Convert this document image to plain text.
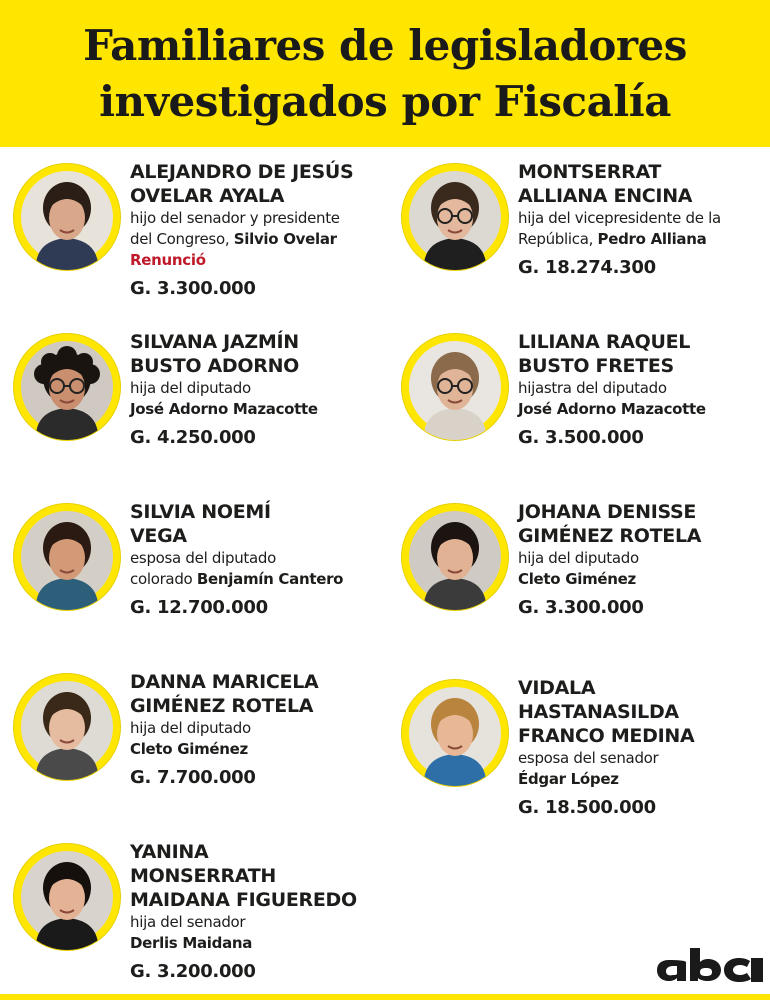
Familiares de legisladores
investigados por Fiscalía
ALEJANDRO DE JESÚS
OVELAR AYALA
hijo del senador y presidente
del Congreso, Silvio Ovelar
Renunció
G. 3.300.000
MONTSERRAT
ALLIANA ENCINA
hija del vicepresidente de la
República, Pedro Alliana
G. 18.274.300
SILVANA JAZMÍN
BUSTO ADORNO
hija del diputado
José Adorno Mazacotte
G. 4.250.000
LILIANA RAQUEL
BUSTO FRETES
hijastra del diputado
José Adorno Mazacotte
G. 3.500.000
SILVIA NOEMÍ
VEGA
esposa del diputado
colorado Benjamín Cantero
G. 12.700.000
JOHANA DENISSE
GIMÉNEZ ROTELA
hija del diputado
Cleto Giménez
G. 3.300.000
DANNA MARICELA
GIMÉNEZ ROTELA
hija del diputado
Cleto Giménez
G. 7.700.000
VIDALA
HASTANASILDA
FRANCO MEDINA
esposa del senador
Édgar López
G. 18.500.000
YANINA
MONSERRATH
MAIDANA FIGUEREDO
hija del senador
Derlis Maidana
G. 3.200.000
